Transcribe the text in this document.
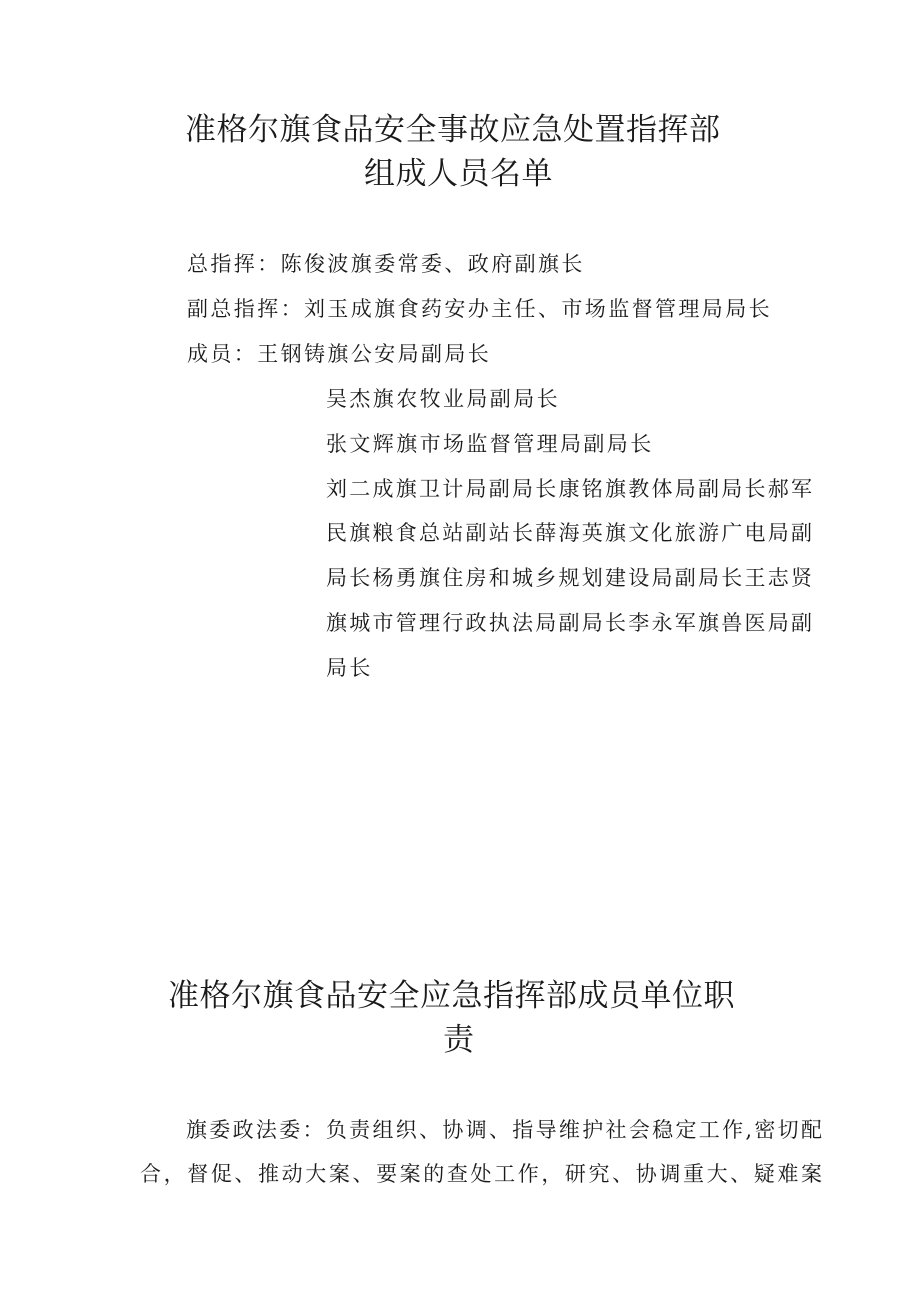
准格尔旗食品安全事故应急处置指挥部
组成人员名单

总指挥：陈俊波旗委常委、政府副旗长

副总指挥：刘玉成旗食药安办主任、市场监督管理局局长

成员：王钢铸旗公安局副局长

吴杰旗农牧业局副局长

张文辉旗市场监督管理局副局长

刘二成旗卫计局副局长康铭旗教体局副局长郝军

民旗粮食总站副站长薛海英旗文化旅游广电局副

局长杨勇旗住房和城乡规划建设局副局长王志贤

旗城市管理行政执法局副局长李永军旗兽医局副

局长

准格尔旗食品安全应急指挥部成员单位职
责

旗委政法委：负责组织、协调、指导维护社会稳定工作,密切配

合，督促、推动大案、要案的查处工作，研究、协调重大、疑难案
